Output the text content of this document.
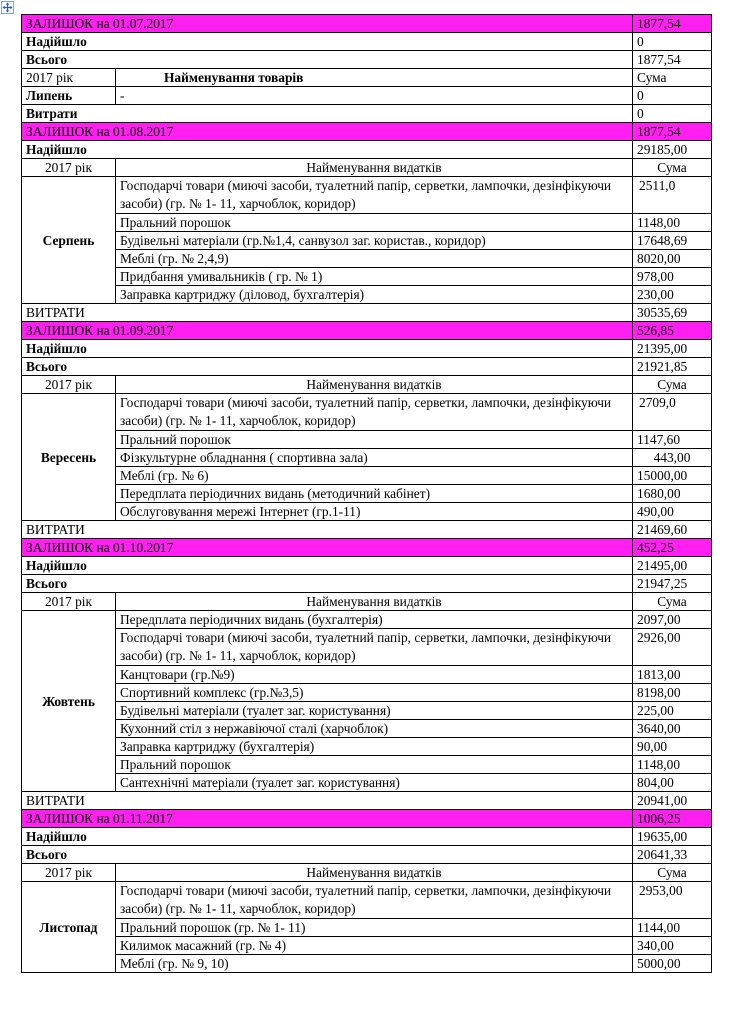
ЗАЛИШОК на 01.07.2017		1877,54
Надійшло		0
Всього		1877,54
2017 рік	Найменування товарів	Сума
Липень	-	0
Витрати		0
ЗАЛИШОК на 01.08.2017		1877,54
Надійшло		29185,00
2017 рік	Найменування видатків	Сума
Серпень	Господарчі товари (миючі засоби, туалетний папір, серветки, лампочки, дезінфікуючи засоби) (гр. № 1- 11, харчоблок, коридор)	2511,0
	Пральний порошок	1148,00
	Будівельні матеріали (гр.№1,4, санвузол заг. користав., коридор)	17648,69
	Меблі (гр. № 2,4,9)	8020,00
	Придбання умивальників ( гр. № 1)	978,00
	Заправка картриджу (діловод, бухгалтерія)	230,00
ВИТРАТИ		30535,69
ЗАЛИШОК на 01.09.2017		526,85
Надійшло		21395,00
Всього		21921,85
2017 рік	Найменування видатків	Сума
Вересень	Господарчі товари (миючі засоби, туалетний папір, серветки, лампочки, дезінфікуючи засоби) (гр. № 1- 11, харчоблок, коридор)	2709,0
	Пральний порошок	1147,60
	Фізкультурне обладнання ( спортивна зала)	443,00
	Меблі (гр. № 6)	15000,00
	Передплата періодичних видань (методичний кабінет)	1680,00
	Обслуговування мережі Інтернет (гр.1-11)	490,00
ВИТРАТИ		21469,60
ЗАЛИШОК на 01.10.2017		452,25
Надійшло		21495,00
Всього		21947,25
2017 рік	Найменування видатків	Сума
Жовтень	Передплата періодичних видань (бухгалтерія)	2097,00
	Господарчі товари (миючі засоби, туалетний папір, серветки, лампочки, дезінфікуючи засоби) (гр. № 1- 11, харчоблок, коридор)	2926,00
	Канцтовари (гр.№9)	1813,00
	Спортивний комплекс (гр.№3,5)	8198,00
	Будівельні матеріали (туалет заг. користування)	225,00
	Кухонний стіл з нержавіючої сталі (харчоблок)	3640,00
	Заправка картриджу (бухгалтерія)	90,00
	Пральний порошок	1148,00
	Сантехнічні матеріали (туалет заг. користування)	804,00
ВИТРАТИ		20941,00
ЗАЛИШОК на 01.11.2017		1006,25
Надійшло		19635,00
Всього		20641,33
2017 рік	Найменування видатків	Сума
Листопад	Господарчі товари (миючі засоби, туалетний папір, серветки, лампочки, дезінфікуючи засоби) (гр. № 1- 11, харчоблок, коридор)	2953,00
	Пральний порошок (гр. № 1- 11)	1144,00
	Килимок масажний (гр. № 4)	340,00
	Меблі (гр. № 9, 10)	5000,00
